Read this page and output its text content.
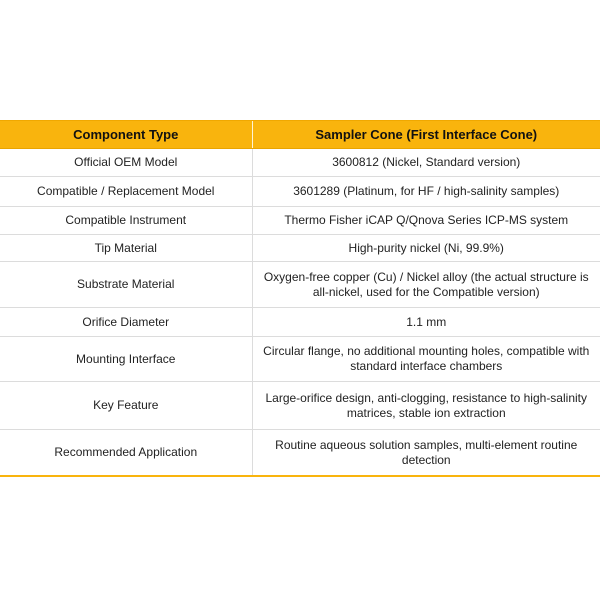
Component Type	Sampler Cone (First Interface Cone)
Official OEM Model	3600812 (Nickel, Standard version)
Compatible / Replacement Model	3601289 (Platinum, for HF / high-salinity samples)
Compatible Instrument	Thermo Fisher iCAP Q/Qnova Series ICP-MS system
Tip Material	High-purity nickel (Ni, 99.9%)
Substrate Material	Oxygen-free copper (Cu) / Nickel alloy (the actual structure is all-nickel, used for the Compatible version)
Orifice Diameter	1.1 mm
Mounting Interface	Circular flange, no additional mounting holes, compatible with standard interface chambers
Key Feature	Large-orifice design, anti-clogging, resistance to high-salinity matrices, stable ion extraction
Recommended Application	Routine aqueous solution samples, multi-element routine detection
